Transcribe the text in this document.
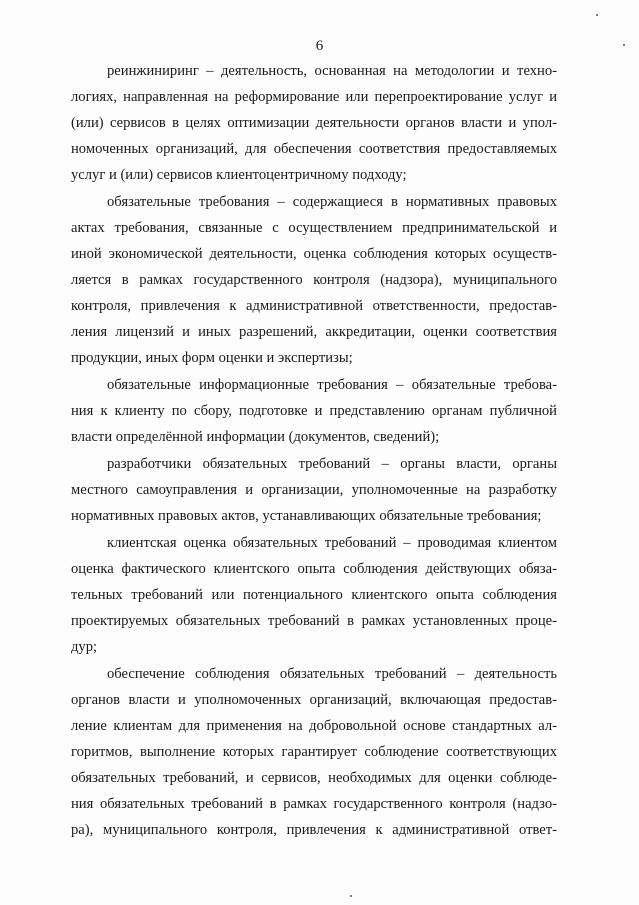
6
реинжиниринг – деятельность, основанная на методологии и техно-
логиях, направленная на реформирование или перепроектирование услуг и
(или) сервисов в целях оптимизации деятельности органов власти и упол-
номоченных организаций, для обеспечения соответствия предоставляемых
услуг и (или) сервисов клиентоцентричному подходу;
обязательные требования – содержащиеся в нормативных правовых
актах требования, связанные с осуществлением предпринимательской и
иной экономической деятельности, оценка соблюдения которых осуществ-
ляется в рамках государственного контроля (надзора), муниципального
контроля, привлечения к административной ответственности, предостав-
ления лицензий и иных разрешений, аккредитации, оценки соответствия
продукции, иных форм оценки и экспертизы;
обязательные информационные требования – обязательные требова-
ния к клиенту по сбору, подготовке и представлению органам публичной
власти определённой информации (документов, сведений);
разработчики обязательных требований – органы власти, органы
местного самоуправления и организации, уполномоченные на разработку
нормативных правовых актов, устанавливающих обязательные требования;
клиентская оценка обязательных требований – проводимая клиентом
оценка фактического клиентского опыта соблюдения действующих обяза-
тельных требований или потенциального клиентского опыта соблюдения
проектируемых обязательных требований в рамках установленных проце-
дур;
обеспечение соблюдения обязательных требований – деятельность
органов власти и уполномоченных организаций, включающая предостав-
ление клиентам для применения на добровольной основе стандартных ал-
горитмов, выполнение которых гарантирует соблюдение соответствующих
обязательных требований, и сервисов, необходимых для оценки соблюде-
ния обязательных требований в рамках государственного контроля (надзо-
ра), муниципального контроля, привлечения к административной ответ-
